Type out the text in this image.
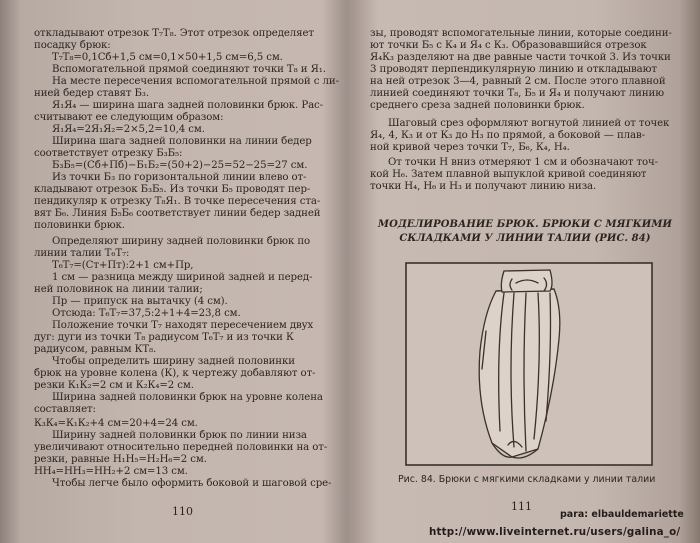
откладывают отрезок Т₇Т₈. Этот отрезок определяет
посадку брюк:
Т₇Т₈=0,1Сб+1,5 см=0,1×50+1,5 см=6,5 см.
Вспомогательной прямой соединяют точки Т₈ и Я₁.
На месте пересечения вспомогательной прямой с ли-
нией бедер ставят Б₃.
Я₁Я₄ — ширина шага задней половинки брюк. Рас-
считывают ее следующим образом:
Я₁Я₄=2Я₁Я₂=2×5,2=10,4 см.
Ширина шага задней половинки на линии бедер
соответствует отрезку Б₃Б₅:
Б₃Б₅=(Сб+Пб)−Б₁Б₂=(50+2)−25=52−25=27 см.
Из точки Б₃ по горизонтальной линии влево от-
кладывают отрезок Б₃Б₅. Из точки Б₅ проводят пер-
пендикуляр к отрезку Т₈Я₁. В точке пересечения ста-
вят Б₆. Линия Б₅Б₆ соответствует линии бедер задней
половинки брюк.
Определяют ширину задней половинки брюк по
линии талии Т₆Т₇:
Т₆Т₇=(Ст+Пт):2+1 см+Пр,
1 см — разница между шириной задней и перед-
ней половинок на линии талии;
Пр — припуск на вытачку (4 см).
Отсюда: Т₆Т₇=37,5:2+1+4=23,8 см.
Положение точки Т₇ находят пересечением двух
дуг: дуги из точки Т₈ радиусом Т₆Т₇ и из точки К
радиусом, равным КТ₈.
Чтобы определить ширину задней половинки
брюк на уровне колена (К), к чертежу добавляют от-
резки К₁К₂=2 см и К₂К₄=2 см.
Ширина задней половинки брюк на уровне колена
составляет:
К₃К₄=К₁К₂+4 см=20+4=24 см.
Ширину задней половинки брюк по линии низа
увеличивают относительно передней половинки на от-
резки, равные Н₁Н₅=Н₂Н₆=2 см.
НН₄=НН₃=НН₂+2 см=13 см.
Чтобы легче было оформить боковой и шаговой сре-
110
зы, проводят вспомогательные линии, которые соедини-
ют точки Б₅ с К₄ и Я₄ с К₃. Образовавшийся отрезок
Я₄К₃ разделяют на две равные части точкой 3. Из точки
3 проводят перпендикулярную линию и откладывают
на ней отрезок 3—4, равный 2 см. После этого плавной
линией соединяют точки Т₈, Б₅ и Я₄ и получают линию
среднего среза задней половинки брюк.
Шаговый срез оформляют вогнутой линией от точек
Я₄, 4, К₃ и от К₃ до Н₃ по прямой, а боковой — плав-
ной кривой через точки Т₇, Б₆, К₄, Н₄.
От точки Н вниз отмеряют 1 см и обозначают точ-
кой Н₆. Затем плавной выпуклой кривой соединяют
точки Н₄, Н₆ и Н₃ и получают линию низа.
МОДЕЛИРОВАНИЕ БРЮК. БРЮКИ С МЯГКИМИ
СКЛАДКАМИ У ЛИНИИ ТАЛИИ (РИС. 84)
Рис. 84. Брюки с мягкими складками у линии талии
111
para: elbauldemariette
http://www.liveinternet.ru/users/galina_o/
